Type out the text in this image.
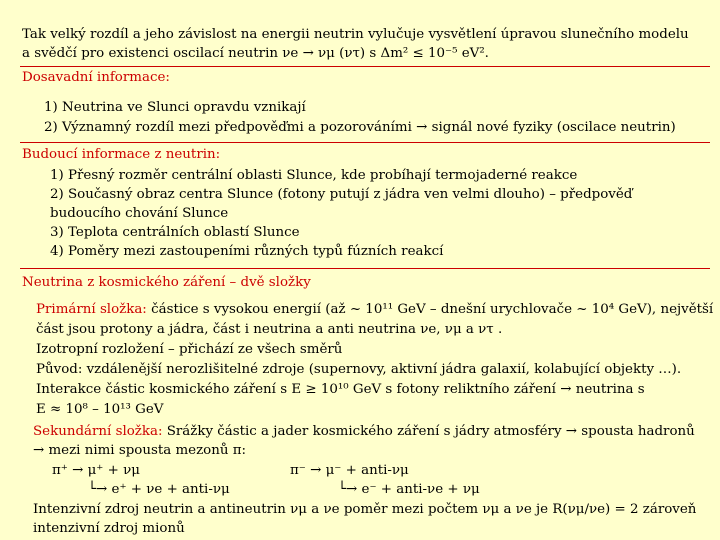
Tak velký rozdíl a jeho závislost na energii neutrin vylučuje vysvětlení úpravou slunečního modelu
a svědčí pro existenci oscilací neutrin νe → νμ (ντ) s Δm² ≤ 10⁻⁵ eV².
Dosavadní informace:
1) Neutrina ve Slunci opravdu vznikají
2) Významný rozdíl mezi předpověďmi a pozorováními → signál nové fyziky (oscilace neutrin)
Budoucí informace z neutrin:
1) Přesný rozměr centrální oblasti Slunce, kde probíhají termojaderné reakce
2) Současný obraz centra Slunce (fotony putují z jádra ven velmi dlouho) – předpověď
budoucího chování Slunce
3) Teplota centrálních oblastí Slunce
4) Poměry mezi zastoupeními různých typů fúzních reakcí
Neutrina z kosmického záření – dvě složky
Primární složka: částice s vysokou energií (až ~ 10¹¹ GeV – dnešní urychlovače ~ 10⁴ GeV), největší
část jsou protony a jádra, část i neutrina a anti neutrina νe, νμ a ντ .
Izotropní rozložení – přichází ze všech směrů
Původ: vzdálenější nerozlišitelné zdroje (supernovy, aktivní jádra galaxií, kolabující objekty …).
Interakce částic kosmického záření s E ≥ 10¹⁰ GeV s fotony reliktního záření → neutrina s
E ≈ 10⁸ – 10¹³ GeV
Sekundární složka: Srážky částic a jader kosmického záření s jádry atmosféry → spousta hadronů
→ mezi nimi spousta mezonů π:
π⁺ → μ⁺ + νμ	π⁻ → μ⁻ + anti-νμ
└→ e⁺ + νe + anti-νμ	└→ e⁻ + anti-νe + νμ
Intenzivní zdroj neutrin a antineutrin νμ a νe poměr mezi počtem νμ a νe je R(νμ/νe) = 2 zároveň
intenzivní zdroj mionů
